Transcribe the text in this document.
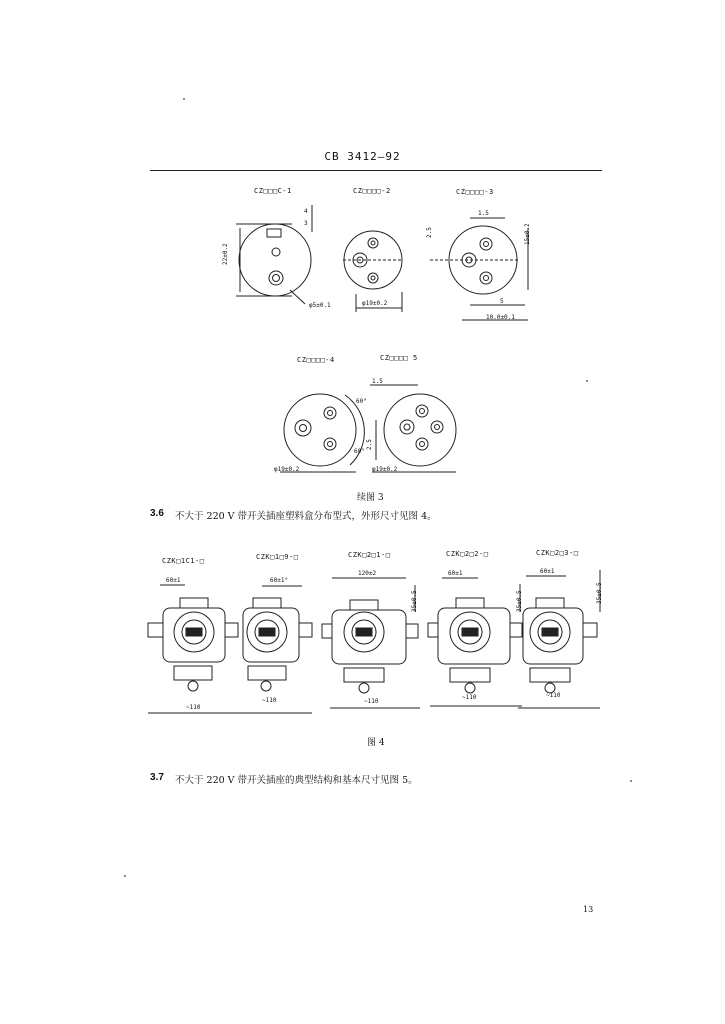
CB 3412—92
CZ□□□C-1	CZ□□□□-2	CZ□□□□-3
CZ□□□□-4	CZ□□□□ 5
4
3
22±0.2
φ5±0.1	φ19±0.2
1.5
2.5	15±0.2
5
10.0±0.1
1.5
60°
60°
2.5
φ19±0.2	φ19±0.2
续图 3
3.6 不大于 220 V 带开关插座塑料盒分布型式，外形尺寸见图 4。
CZK□1C1-□	CZK□1□9-□	CZK□2□1-□	CZK□2□2-□	CZK□2□3-□
60±1	60±1°
120±2	60±1	60±1
35±0.5	35±0.5	35±0.5
~110
~110	~110
~110	~110
图 4
3.7 不大于 220 V 带开关插座的典型结构和基本尺寸见图 5。
13
